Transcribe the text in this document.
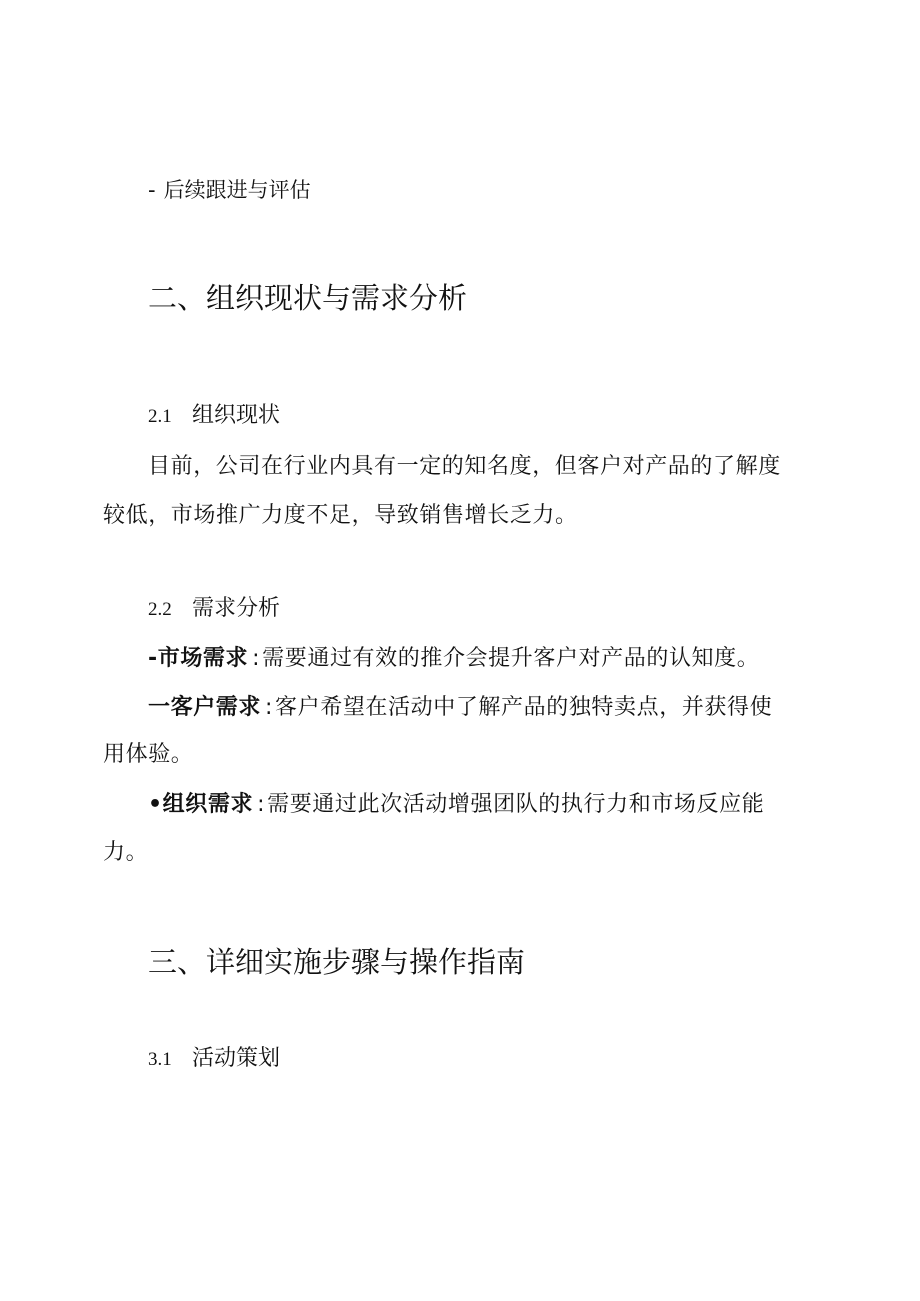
- 后续跟进与评估
二、组织现状与需求分析
2.1 组织现状

目前，公司在行业内具有一定的知名度，但客户对产品的了解度

较低，市场推广力度不足，导致销售增长乏力。

2.2 需求分析
-市场需求 :需要通过有效的推介会提升客户对产品的认知度。
一客户需求 :客户希望在活动中了解产品的独特卖点，并获得使
用体验。
•组织需求 :需要通过此次活动增强团队的执行力和市场反应能
力。
三、详细实施步骤与操作指南
3.1 活动策划
